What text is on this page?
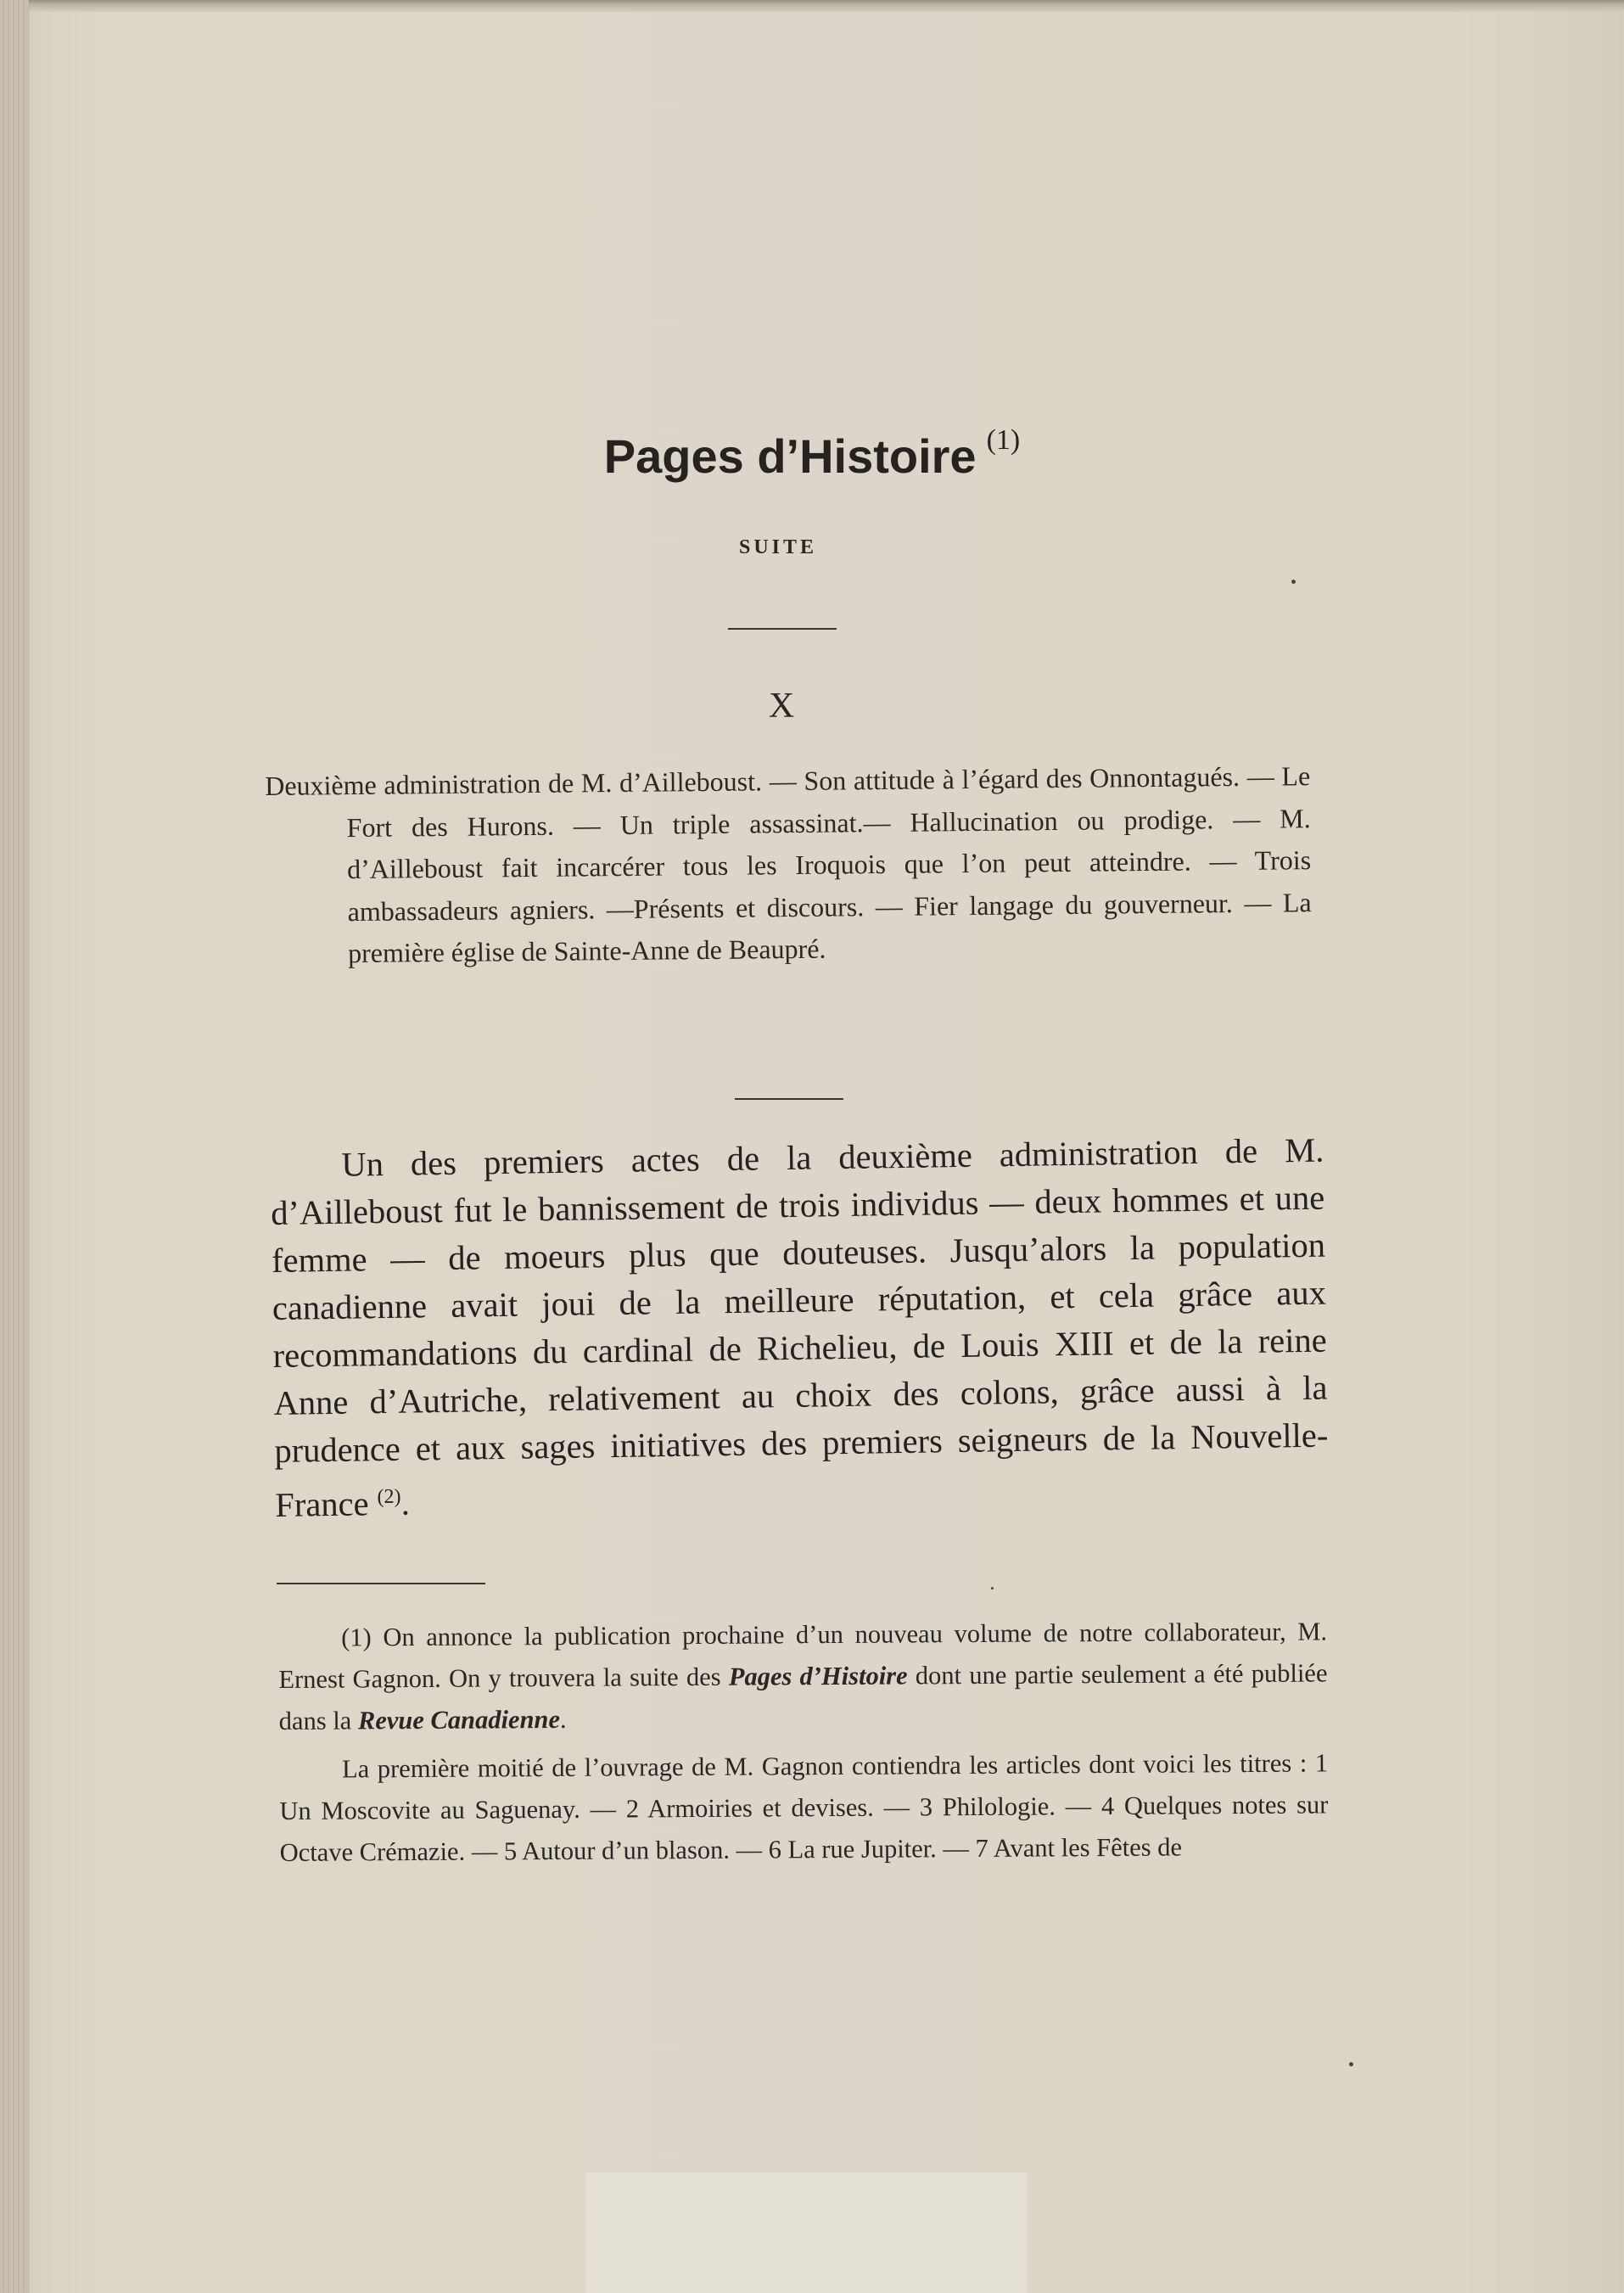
Pages d’Histoire $^{(1)}$
SUITE
X
Deuxième administration de M. d’Ailleboust. — Son attitude à l’égard des Onnontagués. — Le Fort des Hurons. — Un triple assassinat.— Hallucination ou prodige. — M. d’Ailleboust fait incarcérer tous les Iroquois que l’on peut atteindre. — Trois ambassadeurs agniers. —Présents et discours. — Fier langage du gouverneur. — La première église de Sainte-Anne de Beaupré.
Un des premiers actes de la deuxième administration de M. d’Ailleboust fut le bannissement de trois individus — deux hommes et une femme — de moeurs plus que douteuses. Jusqu’alors la population canadienne avait joui de la meilleure réputation, et cela grâce aux recommandations du cardinal de Richelieu, de Louis XIII et de la reine Anne d’Autriche, relativement au choix des colons, grâce aussi à la prudence et aux sages initiatives des premiers seigneurs de la Nouvelle-France $^{(2)}$.

(1) On annonce la publication prochaine d’un nouveau volume de notre collaborateur, M. Ernest Gagnon. On y trouvera la suite des Pages d’Histoire dont une partie seulement a été publiée dans la Revue Canadienne.

La première moitié de l’ouvrage de M. Gagnon contiendra les articles dont voici les titres : 1 Un Moscovite au Saguenay. — 2 Armoiries et devises. — 3 Philologie. — 4 Quelques notes sur Octave Crémazie. — 5 Autour d’un blason. — 6 La rue Jupiter. — 7 Avant les Fêtes de
